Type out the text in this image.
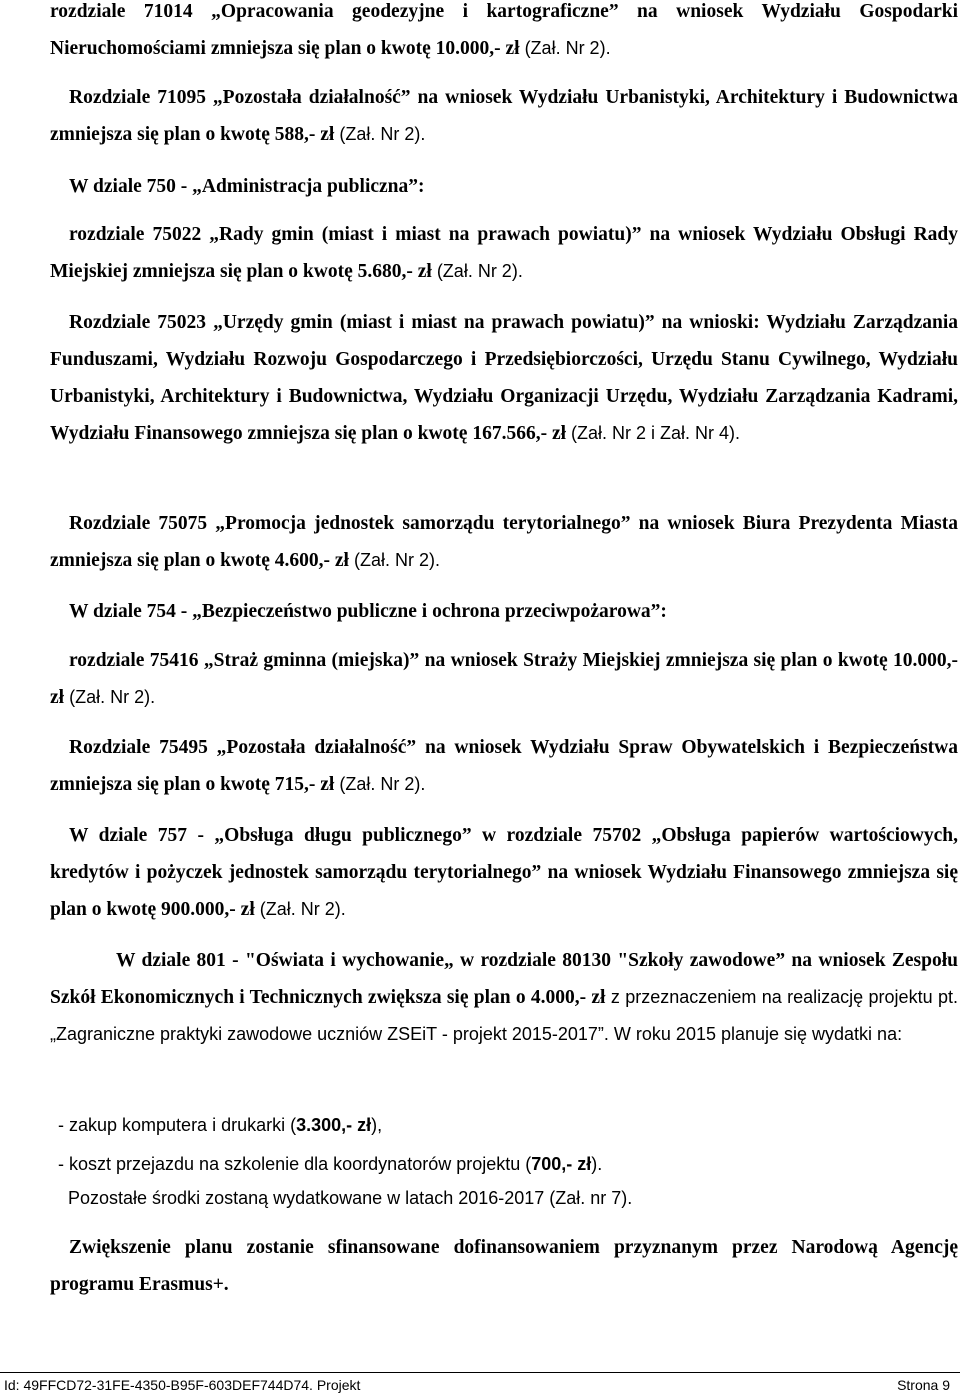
rozdziale 71014 „Opracowania geodezyjne i kartograficzne” na wniosek Wydziału Gospodarki Nieruchomościami zmniejsza się plan o kwotę 10.000,- zł (Zał. Nr 2).

Rozdziale 71095 „Pozostała działalność” na wniosek Wydziału Urbanistyki, Architektury i Budownictwa zmniejsza się plan o kwotę 588,- zł (Zał. Nr 2).

W dziale 750 - „Administracja publiczna”:

rozdziale 75022 „Rady gmin (miast i miast na prawach powiatu)” na wniosek Wydziału Obsługi Rady Miejskiej zmniejsza się plan o kwotę 5.680,- zł (Zał. Nr 2).

Rozdziale 75023 „Urzędy gmin (miast i miast na prawach powiatu)” na wnioski: Wydziału Zarządzania Funduszami, Wydziału Rozwoju Gospodarczego i Przedsiębiorczości, Urzędu Stanu Cywilnego, Wydziału Urbanistyki, Architektury i Budownictwa, Wydziału Organizacji Urzędu, Wydziału Zarządzania Kadrami, Wydziału Finansowego zmniejsza się plan o kwotę 167.566,- zł (Zał. Nr 2 i Zał. Nr 4).

Rozdziale 75075 „Promocja jednostek samorządu terytorialnego” na wniosek Biura Prezydenta Miasta zmniejsza się plan o kwotę 4.600,- zł (Zał. Nr 2).

W dziale 754 - „Bezpieczeństwo publiczne i ochrona przeciwpożarowa”:

rozdziale 75416 „Straż gminna (miejska)” na wniosek Straży Miejskiej zmniejsza się plan o kwotę 10.000,- zł (Zał. Nr 2).

Rozdziale 75495 „Pozostała działalność” na wniosek Wydziału Spraw Obywatelskich i Bezpieczeństwa zmniejsza się plan o kwotę 715,- zł (Zał. Nr 2).

W dziale 757 - „Obsługa długu publicznego” w rozdziale 75702 „Obsługa papierów wartościowych, kredytów i pożyczek jednostek samorządu terytorialnego” na wniosek Wydziału Finansowego zmniejsza się plan o kwotę 900.000,- zł (Zał. Nr 2).

W dziale 801 - "Oświata i wychowanie„ w rozdziale 80130 "Szkoły zawodowe” na wniosek Zespołu Szkół Ekonomicznych i Technicznych zwiększa się plan o 4.000,- zł z przeznaczeniem na realizację projektu pt. „Zagraniczne praktyki zawodowe uczniów ZSEiT - projekt 2015-2017”. W roku 2015 planuje się wydatki na:

- zakup komputera i drukarki (3.300,- zł),

- koszt przejazdu na szkolenie dla koordynatorów projektu (700,- zł).

Pozostałe środki zostaną wydatkowane w latach 2016-2017 (Zał. nr 7).

Zwiększenie planu zostanie sfinansowane dofinansowaniem przyznanym przez Narodową Agencję programu Erasmus+.

Id: 49FFCD72-31FE-4350-B95F-603DEF744D74. Projekt	Strona 9
